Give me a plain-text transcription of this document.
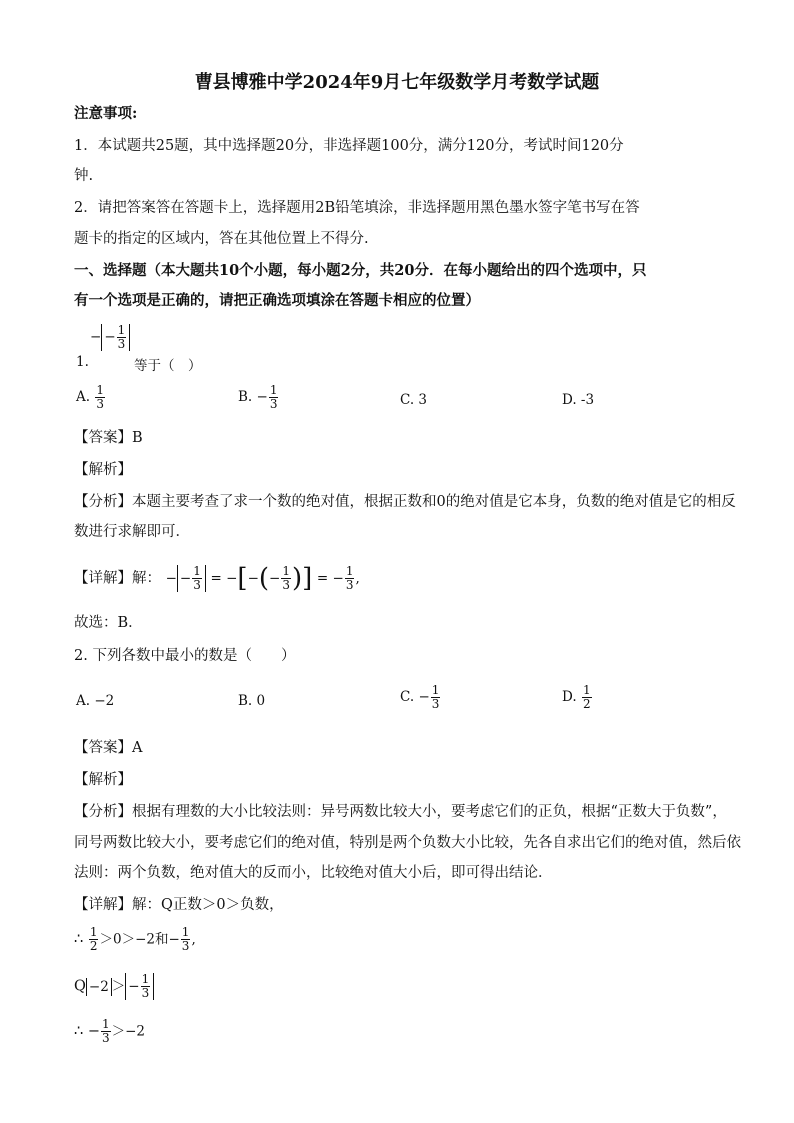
曹县博雅中学2024年9月七年级数学月考数学试题
注意事项:
1．本试题共25题，其中选择题20分，非选择题100分，满分120分，考试时间120分
钟.
2．请把答案答在答题卡上，选择题用2B铅笔填涂，非选择题用黑色墨水签字笔书写在答
题卡的指定的区域内，答在其他位置上不得分.
一、选择题（本大题共10个小题，每小题2分，共20分．在每小题给出的四个选项中，只
有一个选项是正确的，请把正确选项填涂在答题卡相应的位置）
− − $\frac{1}{3}$
1.	等于（　）
A. $\frac{1}{3}$	B. − $\frac{1}{3}$	C. 3	D. -3
【答案】B
【解析】
【分析】本题主要考查了求一个数的绝对值，根据正数和0的绝对值是它本身，负数的绝对值是它的相反
数进行求解即可．
【详解】解： − − $\frac{1}{3}$ = −[−(− $\frac{1}{3}$ )] = − $\frac{1}{3}$ ,
故选：B．
2. 下列各数中最小的数是（　　）
A. −2	B. 0	C. − $\frac{1}{3}$	D. $\frac{1}{2}$
【答案】A
【解析】
【分析】根据有理数的大小比较法则：异号两数比较大小，要考虑它们的正负，根据“正数大于负数”，
同号两数比较大小，要考虑它们的绝对值，特别是两个负数大小比较，先各自求出它们的绝对值，然后依
法则：两个负数，绝对值大的反而小，比较绝对值大小后，即可得出结论．
【详解】解：Q正数＞0＞负数，
∴ $\frac{1}{2} >0>-2$和− $\frac{1}{3}$ ,
Q −2 ＞ − $\frac{1}{3}$
∴ − $\frac{1}{3} >-2$
